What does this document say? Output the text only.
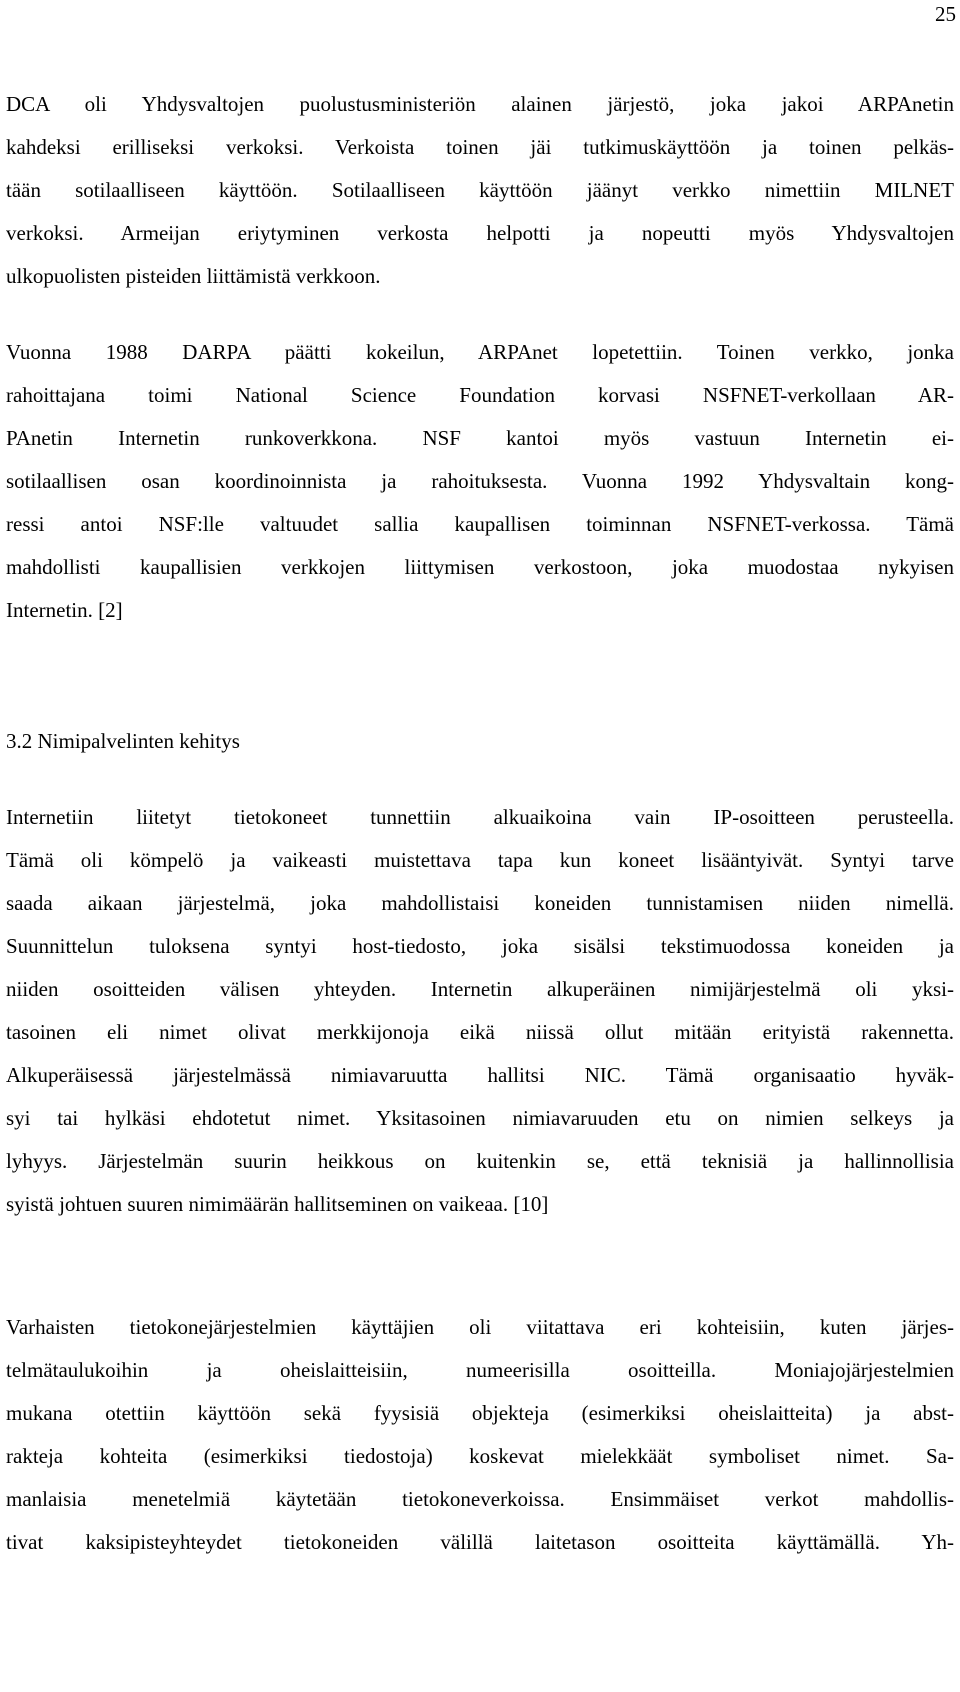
25
DCA oli Yhdysvaltojen puolustusministeriön alainen järjestö, joka jakoi ARPAnetin
kahdeksi erilliseksi verkoksi. Verkoista toinen jäi tutkimuskäyttöön ja toinen pelkäs-
tään sotilaalliseen käyttöön. Sotilaalliseen käyttöön jäänyt verkko nimettiin MILNET
verkoksi. Armeijan eriytyminen verkosta helpotti ja nopeutti myös Yhdysvaltojen
ulkopuolisten pisteiden liittämistä verkkoon.
Vuonna 1988 DARPA päätti kokeilun, ARPAnet lopetettiin. Toinen verkko, jonka
rahoittajana toimi National Science Foundation korvasi NSFNET-verkollaan AR-
PAnetin Internetin runkoverkkona. NSF kantoi myös vastuun Internetin ei-
sotilaallisen osan koordinoinnista ja rahoituksesta. Vuonna 1992 Yhdysvaltain kong-
ressi antoi NSF:lle valtuudet sallia kaupallisen toiminnan NSFNET-verkossa. Tämä
mahdollisti kaupallisien verkkojen liittymisen verkostoon, joka muodostaa nykyisen
Internetin. [2]
3.2 Nimipalvelinten kehitys
Internetiin liitetyt tietokoneet tunnettiin alkuaikoina vain IP-osoitteen perusteella.
Tämä oli kömpelö ja vaikeasti muistettava tapa kun koneet lisääntyivät. Syntyi tarve
saada aikaan järjestelmä, joka mahdollistaisi koneiden tunnistamisen niiden nimellä.
Suunnittelun tuloksena syntyi host-tiedosto, joka sisälsi tekstimuodossa koneiden ja
niiden osoitteiden välisen yhteyden. Internetin alkuperäinen nimijärjestelmä oli yksi-
tasoinen eli nimet olivat merkkijonoja eikä niissä ollut mitään erityistä rakennetta.
Alkuperäisessä järjestelmässä nimiavaruutta hallitsi NIC. Tämä organisaatio hyväk-
syi tai hylkäsi ehdotetut nimet. Yksitasoinen nimiavaruuden etu on nimien selkeys ja
lyhyys. Järjestelmän suurin heikkous on kuitenkin se, että teknisiä ja hallinnollisia
syistä johtuen suuren nimimäärän hallitseminen on vaikeaa. [10]
Varhaisten tietokonejärjestelmien käyttäjien oli viitattava eri kohteisiin, kuten järjes-
telmätaulukoihin ja oheislaitteisiin, numeerisilla osoitteilla. Moniajojärjestelmien
mukana otettiin käyttöön sekä fyysisiä objekteja (esimerkiksi oheislaitteita) ja abst-
rakteja kohteita (esimerkiksi tiedostoja) koskevat mielekkäät symboliset nimet. Sa-
manlaisia menetelmiä käytetään tietokoneverkoissa. Ensimmäiset verkot mahdollis-
tivat kaksipisteyhteydet tietokoneiden välillä laitetason osoitteita käyttämällä. Yh-
